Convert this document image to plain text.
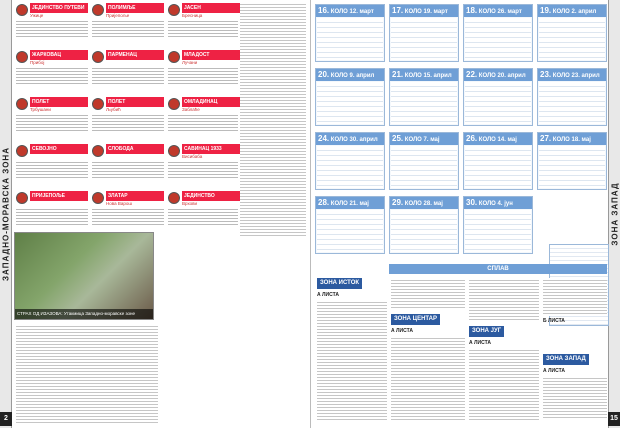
ЗАПАДНО-МОРАВСКА ЗОНА
2
ЈЕДИНСТВО ПУТЕВИ
Ужице
ЖАРКОВАЦ
Прибој
ПОЛЕТ
Трбушани
СЕВОЈНО
ПРИЈЕПОЉЕ
ПОЛИМЉЕ
Пријепоље
ПАРМЕНАЦ
ПОЛЕТ
Љубић
СЛОБОДА
ЗЛАТАР
Нова Варош
ЈАСЕН
Бресница
МЛАДОСТ
Лучани
ОМЛАДИНАЦ
Заблаће
САВИНАЦ 1933
Висибаба
ЈЕДИНСТВО
Врхови
СТРАХ ОД ИЗАЗОВА: Утакмица Западно-моравске зоне
ЗОНА ЗАПАД
15
16. КОЛО 12. март	17. КОЛО 19. март	18. КОЛО 26. март	19. КОЛО 2. април
20. КОЛО 9. април	21. КОЛО 15. април	22. КОЛО 20. април	23. КОЛО 23. април
24. КОЛО 30. април	25. КОЛО 7. мај	26. КОЛО 14. мај	27. КОЛО 18. мај
28. КОЛО 21. мај	29. КОЛО 28. мај	30. КОЛО 4. јун
СПЛАВ
ЗОНА ИСТОК
А ЛИСТА
ЗОНА ЦЕНТАР
А ЛИСТА	ЗОНА ЈУГ
А ЛИСТА
Б ЛИСТА
ЗОНА ЗАПАД
А ЛИСТА
